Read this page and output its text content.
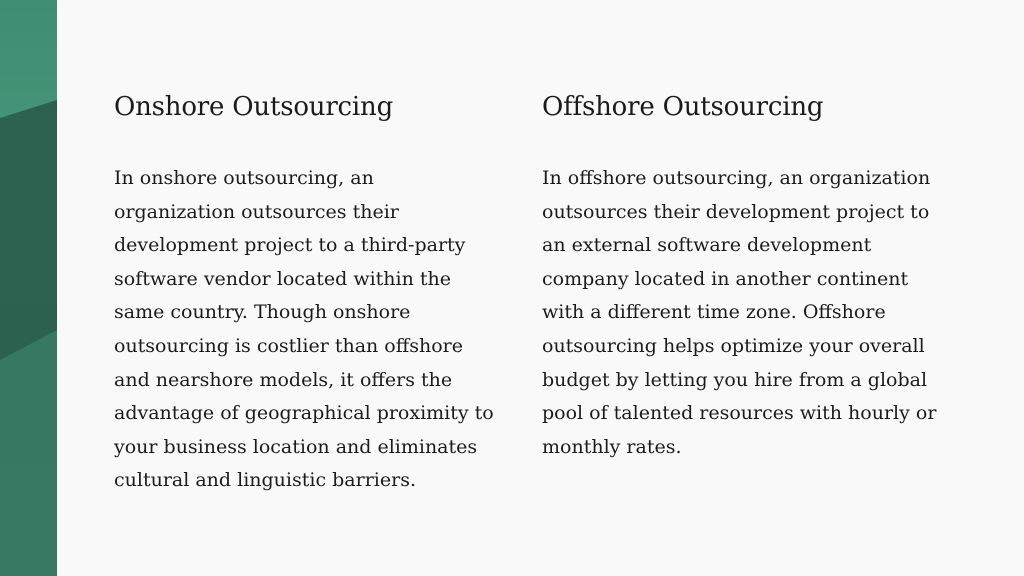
Onshore Outsourcing

In onshore outsourcing, an
organization outsources their
development project to a third-party
software vendor located within the
same country. Though onshore
outsourcing is costlier than offshore
and nearshore models, it offers the
advantage of geographical proximity to
your business location and eliminates
cultural and linguistic barriers.

Offshore Outsourcing

In offshore outsourcing, an organization
outsources their development project to
an external software development
company located in another continent
with a different time zone. Offshore
outsourcing helps optimize your overall
budget by letting you hire from a global
pool of talented resources with hourly or
monthly rates.
